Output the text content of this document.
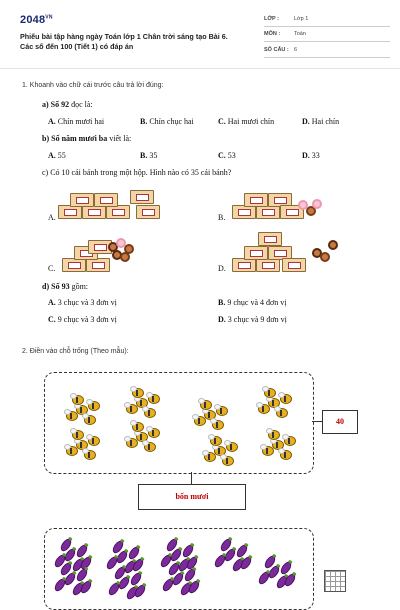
$2048^{VN}$
Phiếu bài tập hàng ngày Toán lớp 1 Chân trời sáng tạo Bài 6. Các số đến 100 (Tiết 1) có đáp án
LỚP :	Lớp 1
MÔN :	Toán
SỐ CÂU : 6
1. Khoanh vào chữ cái trước câu trả lời đúng:
a) Số 92 đọc là:
A. Chín mươi hai	B. Chín chục hai	C. Hai mươi chín	D. Hai chín
b) Số năm mươi ba viết là:
A. 55	B. 35	C. 53	D. 33
c) Có 10 cái bánh trong một hộp. Hình nào có 35 cái bánh?
A.	B.
C.	D.
d) Số 93 gồm:
A. 3 chục và 3 đơn vị	B. 9 chục và 4 đơn vị
C. 9 chục và 3 đơn vị	D. 3 chục và 9 đơn vị
2. Điền vào chỗ trống (Theo mẫu):
40
bốn mươi
